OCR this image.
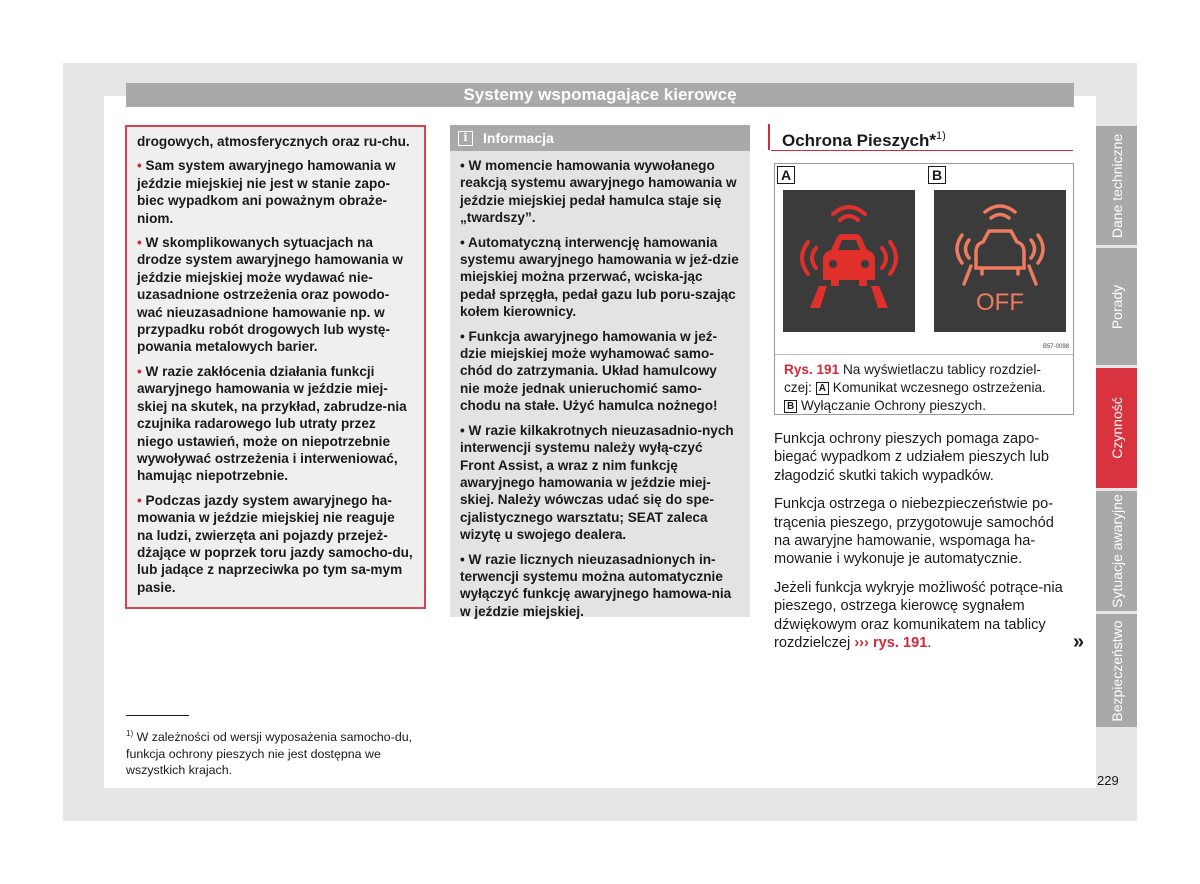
Systemy wspomagające kierowcę

drogowych, atmosferycznych oraz ru-chu.

• Sam system awaryjnego hamowania w jeździe miejskiej nie jest w stanie zapo-biec wypadkom ani poważnym obraże-niom.

• W skomplikowanych sytuacjach na drodze system awaryjnego hamowania w jeździe miejskiej może wydawać nie-uzasadnione ostrzeżenia oraz powodo-wać nieuzasadnione hamowanie np. w przypadku robót drogowych lub wystę-powania metalowych barier.

• W razie zakłócenia działania funkcji awaryjnego hamowania w jeździe miej-skiej na skutek, na przykład, zabrudze-nia czujnika radarowego lub utraty przez niego ustawień, może on niepotrzebnie wywoływać ostrzeżenia i interweniować, hamując niepotrzebnie.

• Podczas jazdy system awaryjnego ha-mowania w jeździe miejskiej nie reaguje na ludzi, zwierzęta ani pojazdy przejeż-dżające w poprzek toru jazdy samocho-du, lub jadące z naprzeciwka po tym sa-mym pasie.

i	Informacja

• W momencie hamowania wywołanego reakcją systemu awaryjnego hamowania w jeździe miejskiej pedał hamulca staje się „twardszy”.

• Automatyczną interwencję hamowania systemu awaryjnego hamowania w jeź-dzie miejskiej można przerwać, wciska-jąc pedał sprzęgła, pedał gazu lub poru-szając kołem kierownicy.

• Funkcja awaryjnego hamowania w jeź-dzie miejskiej może wyhamować samo-chód do zatrzymania. Układ hamulcowy nie może jednak unieruchomić samo-chodu na stałe. Użyć hamulca nożnego!

• W razie kilkakrotnych nieuzasadnio-nych interwencji systemu należy wyłą-czyć Front Assist, a wraz z nim funkcję awaryjnego hamowania w jeździe miej-skiej. Należy wówczas udać się do spe-cjalistycznego warsztatu; SEAT zaleca wizytę u swojego dealera.

• W razie licznych nieuzasadnionych in-terwencji systemu można automatycznie wyłączyć funkcję awaryjnego hamowa-nia w jeździe miejskiej.

Ochrona Pieszych*$^{1)}$
A	B
OFF
B57-0098
Rys. 191 Na wyświetlaczu tablicy rozdziel-czej: A Komunikat wczesnego ostrzeżenia.
B Wyłączanie Ochrony pieszych.

Funkcja ochrony pieszych pomaga zapo-biegać wypadkom z udziałem pieszych lub złagodzić skutki takich wypadków.

Funkcja ostrzega o niebezpieczeństwie po-trącenia pieszego, przygotowuje samochód na awaryjne hamowanie, wspomaga ha-mowanie i wykonuje je automatycznie.

Jeżeli funkcja wykryje możliwość potrące-nia pieszego, ostrzega kierowcę sygnałem dźwiękowym oraz komunikatem na tablicy rozdzielczej ››› rys. 191.	»
Dane techniczne
Porady
Czynność
Sytuacje awaryjne
Bezpieczeństwo
$^{1)}$ W zależności od wersji wyposażenia samocho-du, funkcja ochrony pieszych nie jest dostępna we wszystkich krajach.
229
